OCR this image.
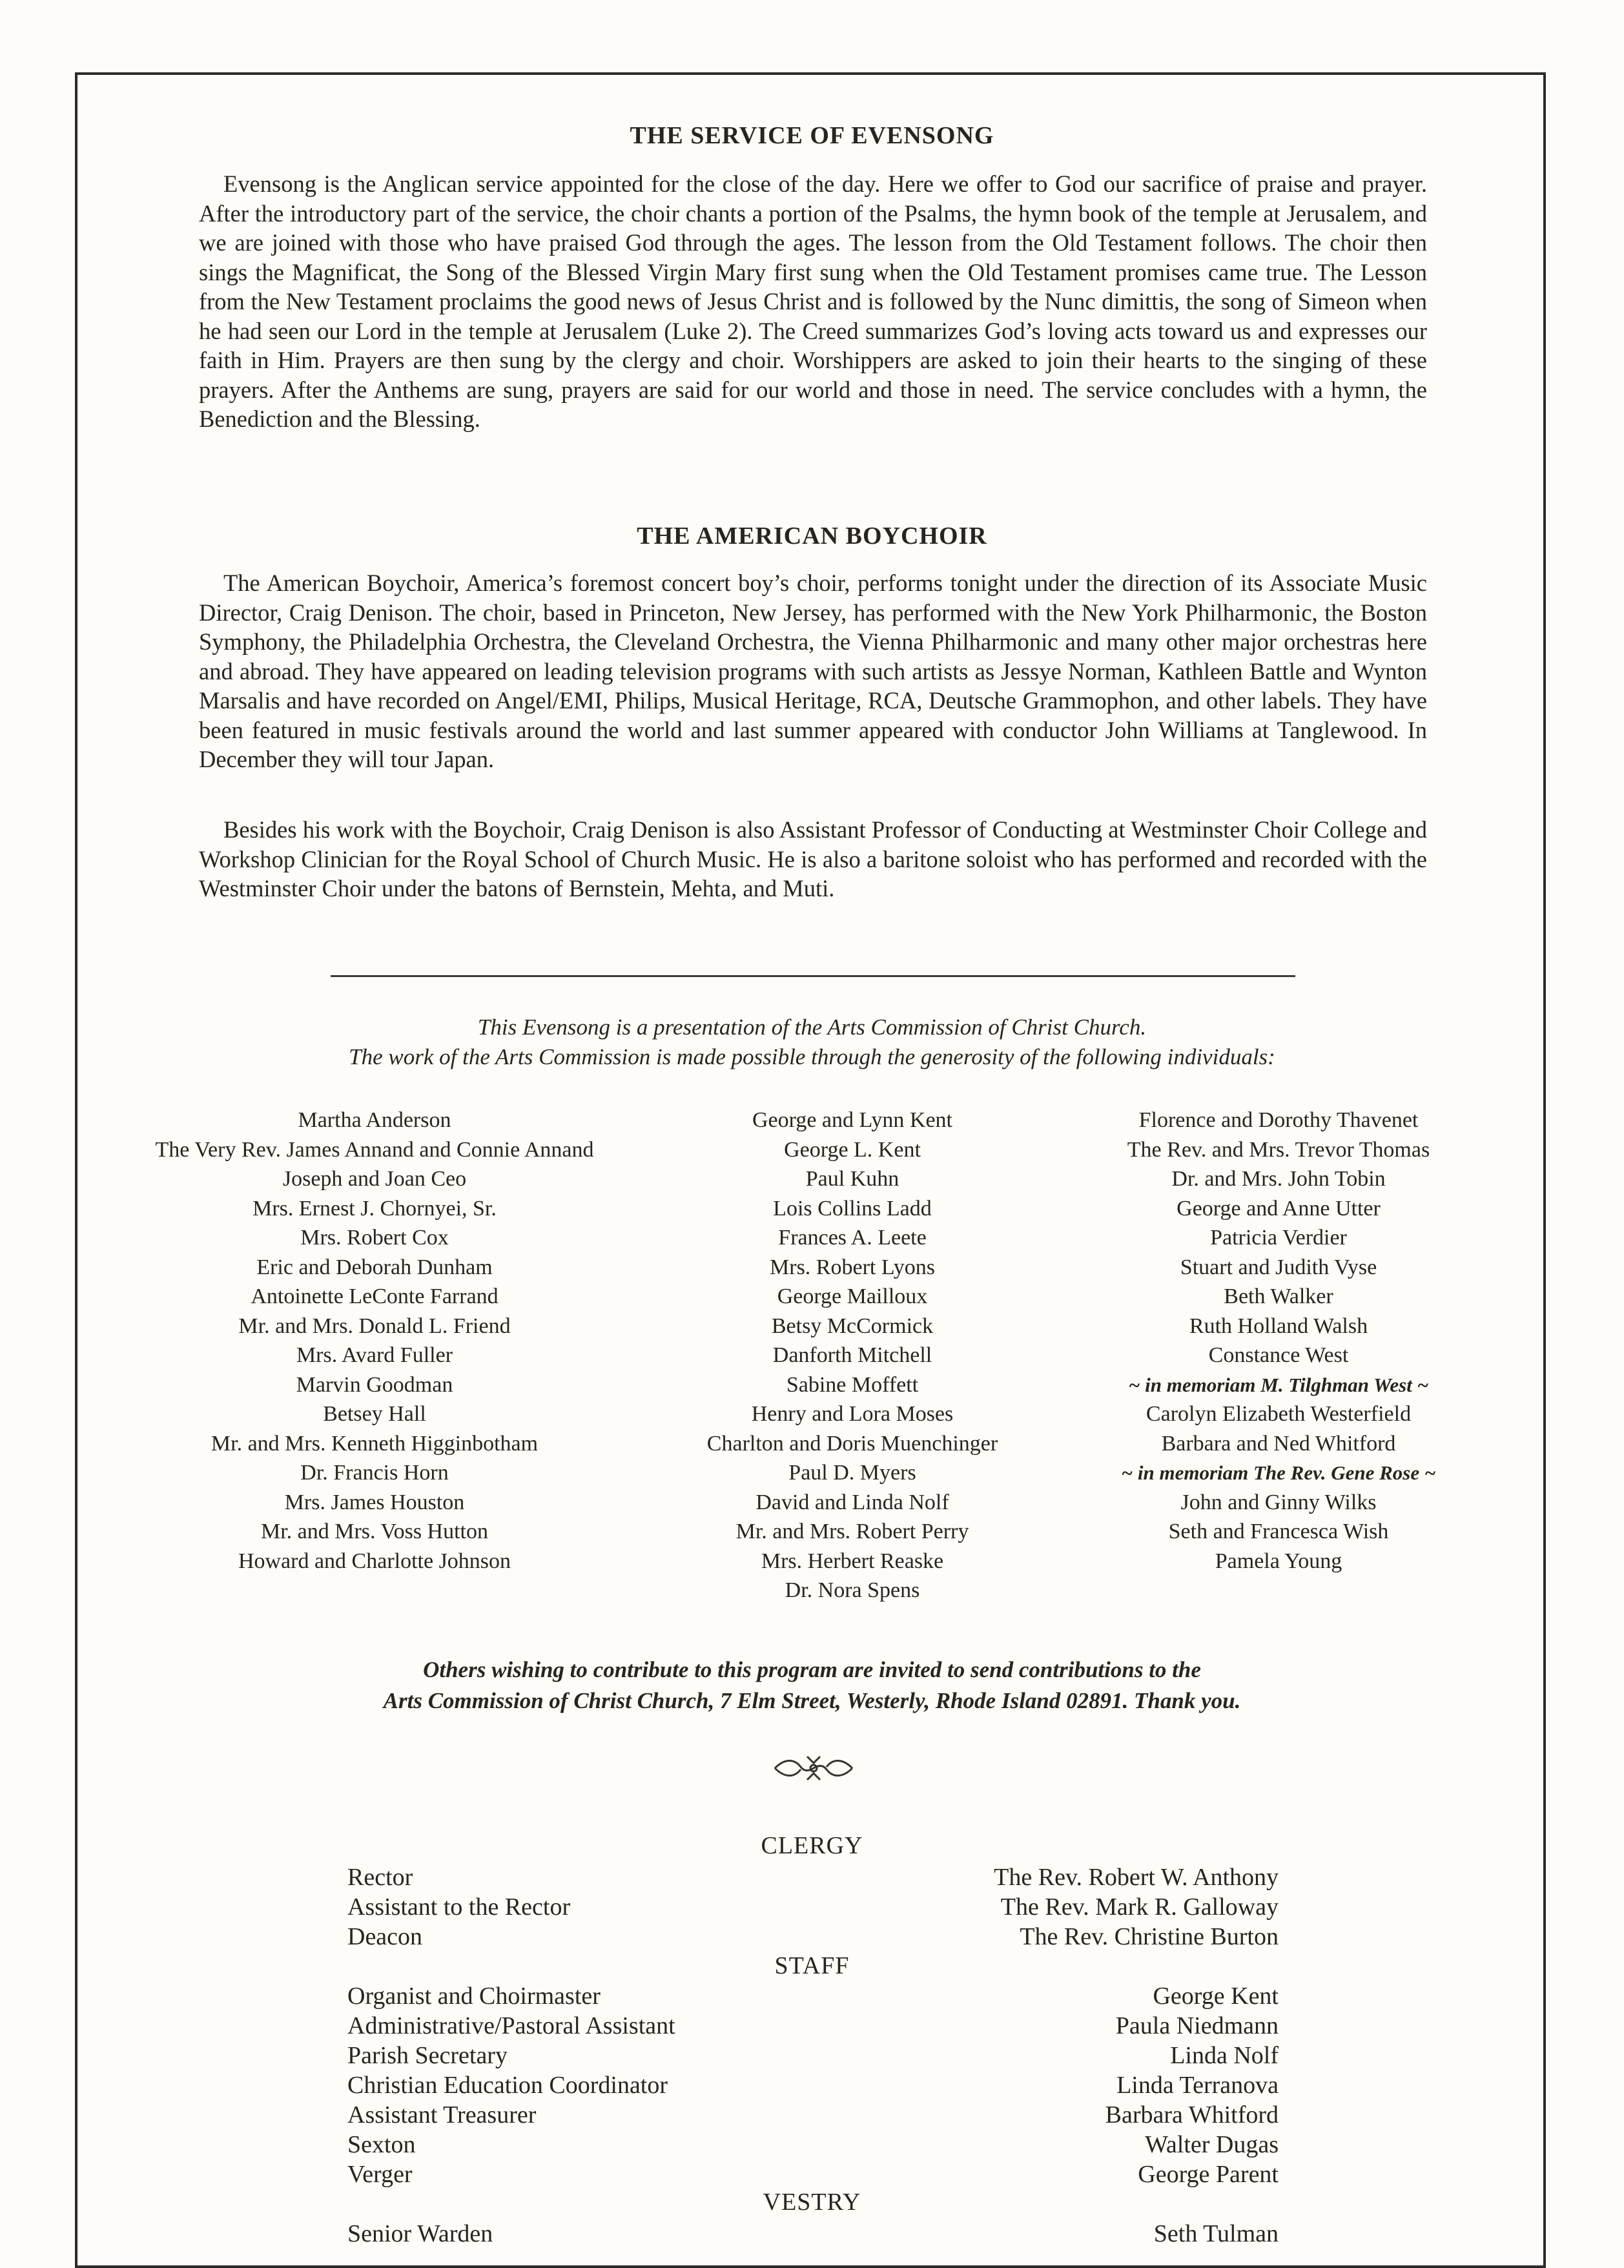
THE SERVICE OF EVENSONG

Evensong is the Anglican service appointed for the close of the day. Here we offer to God our sacrifice of praise and prayer. After the introductory part of the service, the choir chants a portion of the Psalms, the hymn book of the temple at Jerusalem, and we are joined with those who have praised God through the ages. The lesson from the Old Testament follows. The choir then sings the Magnificat, the Song of the Blessed Virgin Mary first sung when the Old Testament promises came true. The Lesson from the New Testament proclaims the good news of Jesus Christ and is followed by the Nunc dimittis, the song of Simeon when he had seen our Lord in the temple at Jerusalem (Luke 2). The Creed summarizes God’s loving acts toward us and expresses our faith in Him. Prayers are then sung by the clergy and choir. Worshippers are asked to join their hearts to the singing of these prayers. After the Anthems are sung, prayers are said for our world and those in need. The service concludes with a hymn, the Benediction and the Blessing.

THE AMERICAN BOYCHOIR

The American Boychoir, America’s foremost concert boy’s choir, performs tonight under the direction of its Associate Music Director, Craig Denison. The choir, based in Princeton, New Jersey, has performed with the New York Philharmonic, the Boston Symphony, the Philadelphia Orchestra, the Cleveland Orchestra, the Vienna Philharmonic and many other major orchestras here and abroad. They have appeared on leading television programs with such artists as Jessye Norman, Kathleen Battle and Wynton Marsalis and have recorded on Angel/EMI, Philips, Musical Heritage, RCA, Deutsche Grammophon, and other labels. They have been featured in music festivals around the world and last summer appeared with conductor John Williams at Tanglewood. In December they will tour Japan.

Besides his work with the Boychoir, Craig Denison is also Assistant Professor of Conducting at Westminster Choir College and Workshop Clinician for the Royal School of Church Music. He is also a baritone soloist who has performed and recorded with the Westminster Choir under the batons of Bernstein, Mehta, and Muti.

This Evensong is a presentation of the Arts Commission of Christ Church.
The work of the Arts Commission is made possible through the generosity of the following individuals:
Martha Anderson
The Very Rev. James Annand and Connie Annand
Joseph and Joan Ceo
Mrs. Ernest J. Chornyei, Sr.
Mrs. Robert Cox
Eric and Deborah Dunham
Antoinette LeConte Farrand
Mr. and Mrs. Donald L. Friend
Mrs. Avard Fuller
Marvin Goodman
Betsey Hall
Mr. and Mrs. Kenneth Higginbotham
Dr. Francis Horn
Mrs. James Houston
Mr. and Mrs. Voss Hutton
Howard and Charlotte Johnson
George and Lynn Kent
George L. Kent
Paul Kuhn
Lois Collins Ladd
Frances A. Leete
Mrs. Robert Lyons
George Mailloux
Betsy McCormick
Danforth Mitchell
Sabine Moffett
Henry and Lora Moses
Charlton and Doris Muenchinger
Paul D. Myers
David and Linda Nolf
Mr. and Mrs. Robert Perry
Mrs. Herbert Reaske
Dr. Nora Spens
Florence and Dorothy Thavenet
The Rev. and Mrs. Trevor Thomas
Dr. and Mrs. John Tobin
George and Anne Utter
Patricia Verdier
Stuart and Judith Vyse
Beth Walker
Ruth Holland Walsh
Constance West
~ in memoriam M. Tilghman West ~
Carolyn Elizabeth Westerfield
Barbara and Ned Whitford
~ in memoriam The Rev. Gene Rose ~
John and Ginny Wilks
Seth and Francesca Wish
Pamela Young
Others wishing to contribute to this program are invited to send contributions to the
Arts Commission of Christ Church, 7 Elm Street, Westerly, Rhode Island 02891. Thank you.
CLERGY
Rector
Assistant to the Rector
Deacon
The Rev. Robert W. Anthony
The Rev. Mark R. Galloway
The Rev. Christine Burton
STAFF
Organist and Choirmaster
Administrative/Pastoral Assistant
Parish Secretary
Christian Education Coordinator
Assistant Treasurer
Sexton
Verger
George Kent
Paula Niedmann
Linda Nolf
Linda Terranova
Barbara Whitford
Walter Dugas
George Parent
VESTRY
Senior Warden	Seth Tulman
